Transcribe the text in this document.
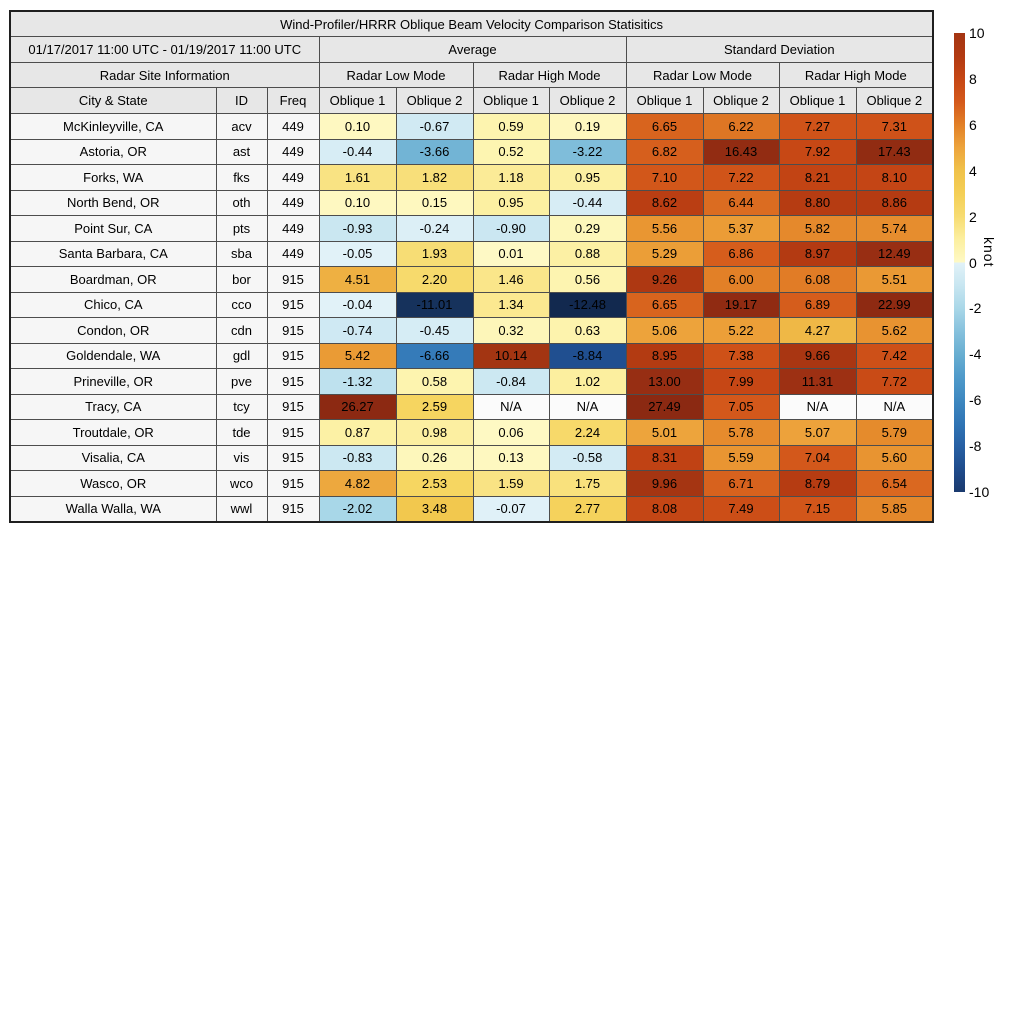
Wind-Profiler/HRRR Oblique Beam Velocity Comparison Statisitics										
01/17/2017 11:00 UTC - 01/19/2017 11:00 UTC			Average				Standard Deviation			
Radar Site Information			Radar Low Mode		Radar High Mode		Radar Low Mode		Radar High Mode	
City & State	ID	Freq	Oblique 1	Oblique 2	Oblique 1	Oblique 2	Oblique 1	Oblique 2	Oblique 1	Oblique 2
McKinleyville, CA	acv	449	0.10	-0.67	0.59	0.19	6.65	6.22	7.27	7.31
Astoria, OR	ast	449	-0.44	-3.66	0.52	-3.22	6.82	16.43	7.92	17.43
Forks, WA	fks	449	1.61	1.82	1.18	0.95	7.10	7.22	8.21	8.10
North Bend, OR	oth	449	0.10	0.15	0.95	-0.44	8.62	6.44	8.80	8.86
Point Sur, CA	pts	449	-0.93	-0.24	-0.90	0.29	5.56	5.37	5.82	5.74
Santa Barbara, CA	sba	449	-0.05	1.93	0.01	0.88	5.29	6.86	8.97	12.49
Boardman, OR	bor	915	4.51	2.20	1.46	0.56	9.26	6.00	6.08	5.51
Chico, CA	cco	915	-0.04	-11.01	1.34	-12.48	6.65	19.17	6.89	22.99
Condon, OR	cdn	915	-0.74	-0.45	0.32	0.63	5.06	5.22	4.27	5.62
Goldendale, WA	gdl	915	5.42	-6.66	10.14	-8.84	8.95	7.38	9.66	7.42
Prineville, OR	pve	915	-1.32	0.58	-0.84	1.02	13.00	7.99	11.31	7.72
Tracy, CA	tcy	915	26.27	2.59	N/A	N/A	27.49	7.05	N/A	N/A
Troutdale, OR	tde	915	0.87	0.98	0.06	2.24	5.01	5.78	5.07	5.79
Visalia, CA	vis	915	-0.83	0.26	0.13	-0.58	8.31	5.59	7.04	5.60
Wasco, OR	wco	915	4.82	2.53	1.59	1.75	9.96	6.71	8.79	6.54
Walla Walla, WA	wwl	915	-2.02	3.48	-0.07	2.77	8.08	7.49	7.15	5.85
10
8
6
4
2
0
-2
-4
-6
-8
-10
knot
